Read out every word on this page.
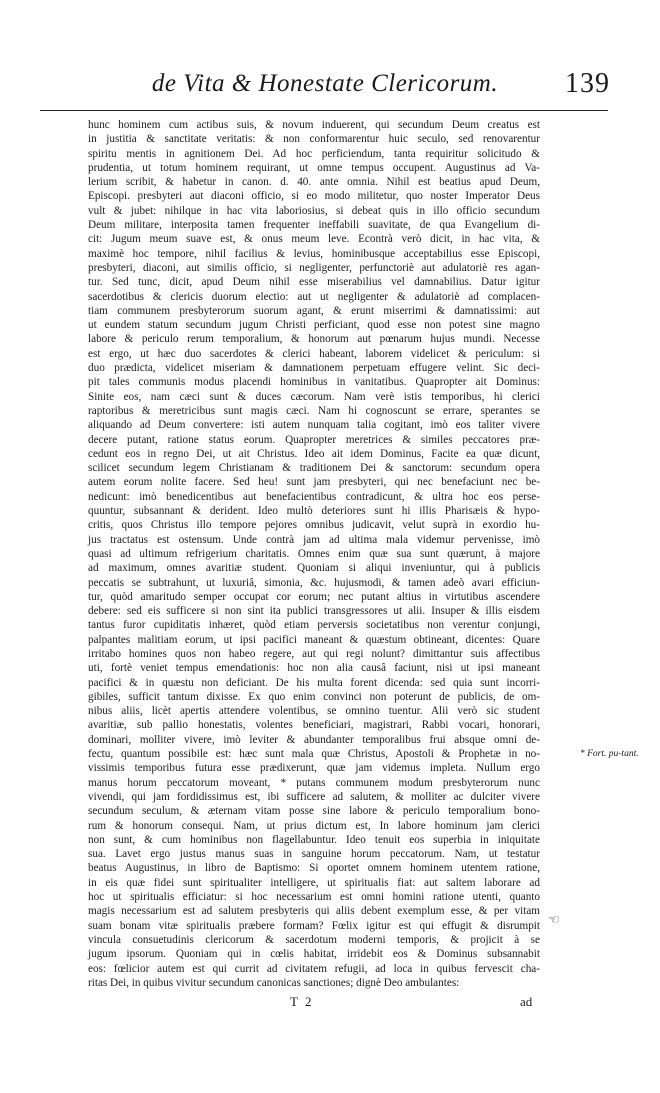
de Vita & Honestate Clericorum.	139
hunc hominem cum actibus suis, & novum induerent, qui secundum Deum creatus est
in justitia & sanctitate veritatis: & non conformarentur huic seculo, sed renovarentur
spiritu mentis in agnitionem Dei. Ad hoc perficiendum, tanta requiritur solicitudo &
prudentia, ut totum hominem requirant, ut omne tempus occupent. Augustinus ad Va-
lerium scribit, & habetur in canon. d. 40. ante omnia. Nihil est beatius apud Deum,
Episcopi. presbyteri aut diaconi officio, si eo modo militetur, quo noster Imperator Deus
vult & jubet: nihilque in hac vita laboriosius, si debeat quis in illo officio secundum
Deum militare, interposita tamen frequenter ineffabili suavitate, de qua Evangelium di-
cit: Jugum meum suave est, & onus meum leve. Econtrà verò dicit, in hac vita, &
maximè hoc tempore, nihil facilius & levius, hominibusque acceptabilius esse Episcopi,
presbyteri, diaconi, aut similis officio, si negligenter, perfunctoriè aut adulatoriè res agan-
tur. Sed tunc, dicit, apud Deum nihil esse miserabilius vel damnabilius. Datur igitur
sacerdotibus & clericis duorum electio: aut ut negligenter & adulatoriè ad complacen-
tiam communem presbyterorum suorum agant, & erunt miserrimi & damnatissimi: aut
ut eundem statum secundum jugum Christi perficiant, quod esse non potest sine magno
labore & periculo rerum temporalium, & honorum aut pœnarum hujus mundi. Necesse
est ergo, ut hæc duo sacerdotes & clerici habeant, laborem videlicet & periculum: si
duo prædicta, videlicet miseriam & damnationem perpetuam effugere velint. Sic deci-
pit tales communis modus placendi hominibus in vanitatibus. Quapropter ait Dominus:
Sinite eos, nam cæci sunt & duces cæcorum. Nam verè istis temporibus, hi clerici
raptoribus & meretricibus sunt magis cæci. Nam hi cognoscunt se errare, sperantes se
aliquando ad Deum convertere: isti autem nunquam talia cogitant, imò eos taliter vivere
decere putant, ratione status eorum. Quapropter meretrices & similes peccatores præ-
cedunt eos in regno Dei, ut ait Christus. Ideo ait idem Dominus, Facite ea quæ dicunt,
scilicet secundum legem Christianam & traditionem Dei & sanctorum: secundum opera
autem eorum nolite facere. Sed heu! sunt jam presbyteri, qui nec benefaciunt nec be-
nedicunt: imò benedicentibus aut benefacientibus contradicunt, & ultra hoc eos perse-
quuntur, subsannant & derident. Ideo multò deteriores sunt hi illis Pharisæis & hypo-
critis, quos Christus illo tempore pejores omnibus judicavit, velut suprà in exordio hu-
jus tractatus est ostensum. Unde contrà jam ad ultima mala videmur pervenisse, imò
quasi ad ultimum refrigerium charitatis. Omnes enim quæ sua sunt quærunt, à majore
ad maximum, omnes avaritiæ student. Quoniam si aliqui inveniuntur, qui à publicis
peccatis se subtrahunt, ut luxuriâ, simonia, &c. hujusmodi, & tamen adeò avari efficiun-
tur, quòd amaritudo semper occupat cor eorum; nec putant altius in virtutibus ascendere
debere: sed eis sufficere si non sint ita publici transgressores ut alii. Insuper & illis eisdem
tantus furor cupiditatis inhæret, quòd etiam perversis societatibus non verentur conjungi,
palpantes malitiam eorum, ut ipsi pacifici maneant & quæstum obtineant, dicentes: Quare
irritabo homines quos non habeo regere, aut qui regi nolunt? dimittantur suis affectibus
uti, fortè veniet tempus emendationis: hoc non alia causâ faciunt, nisi ut ipsi maneant
pacifici & in quæstu non deficiant. De his multa forent dicenda: sed quia sunt incorri-
gibiles, sufficit tantum dixisse. Ex quo enim convinci non poterunt de publicis, de om-
nibus aliis, licèt apertis attendere volentibus, se omnino tuentur. Alii verò sic student
avaritiæ, sub pallio honestatis, volentes beneficiari, magistrari, Rabbi vocari, honorari,
dominari, molliter vivere, imò leviter & abundanter temporalibus frui absque omni de-
fectu, quantum possibile est: hæc sunt mala quæ Christus, Apostoli & Prophetæ in no-
vissimis temporibus futura esse prædixerunt, quæ jam videmus impleta. Nullum ergo
manus horum peccatorum moveant, * putans communem modum presbyterorum nunc
vivendi, qui jam fordidissimus est, ibi sufficere ad salutem, & molliter ac dulciter vivere
secundum seculum, & æternam vitam posse sine labore & periculo temporalium bono-
rum & honorum consequi. Nam, ut prius dictum est, In labore hominum jam clerici
non sunt, & cum hominibus non flagellabuntur. Ideo tenuit eos superbia in iniquitate
sua. Lavet ergo justus manus suas in sanguine horum peccatorum. Nam, ut testatur
beatus Augustinus, in libro de Baptismo: Si oportet omnem hominem utentem ratione,
in eis quæ fidei sunt spiritualiter intelligere, ut spiritualis fiat: aut saltem laborare ad
hoc ut spiritualis efficiatur: si hoc necessarium est omni homini ratione utenti, quanto
magis necessarium est ad salutem presbyteris qui aliis debent exemplum esse, & per vitam
suam bonam vitæ spiritualis præbere formam? Fœlix igitur est qui effugit & disrumpit
vincula consuetudinis clericorum & sacerdotum moderni temporis, & projicit à se
jugum ipsorum. Quoniam qui in cœlis habitat, irridebit eos & Dominus subsannabit
eos: fœlicior autem est qui currit ad civitatem refugii, ad loca in quibus fervescit cha-
ritas Dei, in quibus vivitur secundum canonicas sanctiones; dignè Deo ambulantes:
* Fort. pu-tant.
☜
T 2	ad
